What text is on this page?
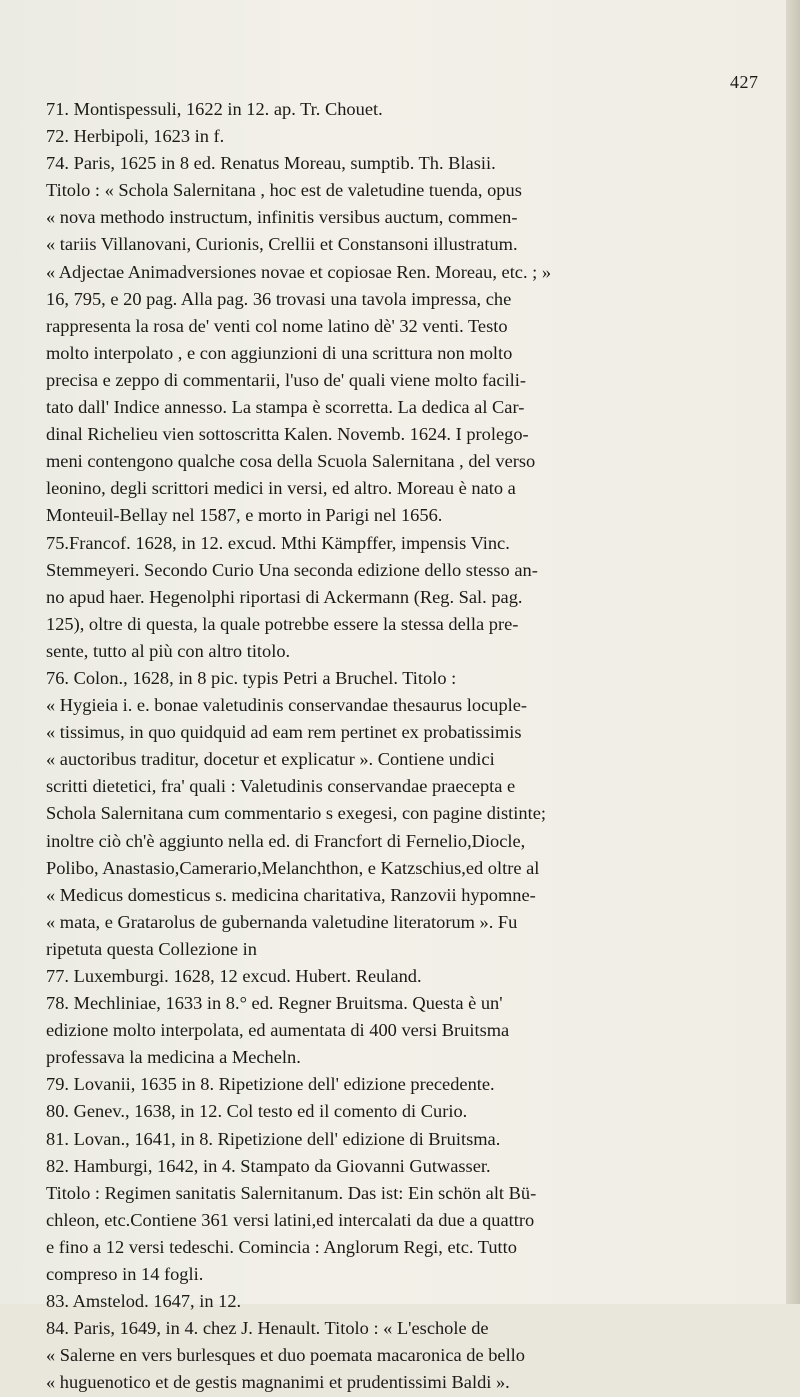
427
71. Montispessuli, 1622 in 12. ap. Tr. Chouet.
72. Herbipoli, 1623 in f.
74. Paris, 1625 in 8 ed. Renatus Moreau, sumptib. Th. Blasii.
Titolo : « Schola Salernitana , hoc est de valetudine tuenda, opus
« nova methodo instructum, infinitis versibus auctum, commen-
« tariis Villanovani, Curionis, Crellii et Constansoni illustratum.
« Adjectae Animadversiones novae et copiosae Ren. Moreau, etc. ; »
16, 795, e 20 pag. Alla pag. 36 trovasi una tavola impressa, che
rappresenta la rosa de' venti col nome latino dè' 32 venti. Testo
molto interpolato , e con aggiunzioni di una scrittura non molto
precisa e zeppo di commentarii, l'uso de' quali viene molto facili-
tato dall' Indice annesso. La stampa è scorretta. La dedica al Car-
dinal Richelieu vien sottoscritta Kalen. Novemb. 1624. I prolego-
meni contengono qualche cosa della Scuola Salernitana , del verso
leonino, degli scrittori medici in versi, ed altro. Moreau è nato a
Monteuil-Bellay nel 1587, e morto in Parigi nel 1656.
75.Francof. 1628, in 12. excud. Mthi Kämpffer, impensis Vinc.
Stemmeyeri. Secondo Curio Una seconda edizione dello stesso an-
no apud haer. Hegenolphi riportasi di Ackermann (Reg. Sal. pag.
125), oltre di questa, la quale potrebbe essere la stessa della pre-
sente, tutto al più con altro titolo.
76. Colon., 1628, in 8 pic. typis Petri a Bruchel. Titolo :
« Hygieia i. e. bonae valetudinis conservandae thesaurus locuple-
« tissimus, in quo quidquid ad eam rem pertinet ex probatissimis
« auctoribus traditur, docetur et explicatur ». Contiene undici
scritti dietetici, fra' quali : Valetudinis conservandae praecepta e
Schola Salernitana cum commentario s exegesi, con pagine distinte;
inoltre ciò ch'è aggiunto nella ed. di Francfort di Fernelio,Diocle,
Polibo, Anastasio,Camerario,Melanchthon, e Katzschius,ed oltre al
« Medicus domesticus s. medicina charitativa, Ranzovii hypomne-
« mata, e Gratarolus de gubernanda valetudine literatorum ». Fu
ripetuta questa Collezione in
77. Luxemburgi. 1628, 12 excud. Hubert. Reuland.
78. Mechliniae, 1633 in 8.° ed. Regner Bruitsma. Questa è un'
edizione molto interpolata, ed aumentata di 400 versi Bruitsma
professava la medicina a Mecheln.
79. Lovanii, 1635 in 8. Ripetizione dell' edizione precedente.
80. Genev., 1638, in 12. Col testo ed il comento di Curio.
81. Lovan., 1641, in 8. Ripetizione dell' edizione di Bruitsma.
82. Hamburgi, 1642, in 4. Stampato da Giovanni Gutwasser.
Titolo : Regimen sanitatis Salernitanum. Das ist: Ein schön alt Bü-
chleon, etc.Contiene 361 versi latini,ed intercalati da due a quattro
e fino a 12 versi tedeschi. Comincia : Anglorum Regi, etc. Tutto
compreso in 14 fogli.
83. Amstelod. 1647, in 12.
84. Paris, 1649, in 4. chez J. Henault. Titolo : « L'eschole de
« Salerne en vers burlesques et duo poemata macaronica de bello
« huguenotico et de gestis magnanimi et prudentissimi Baldi ».
